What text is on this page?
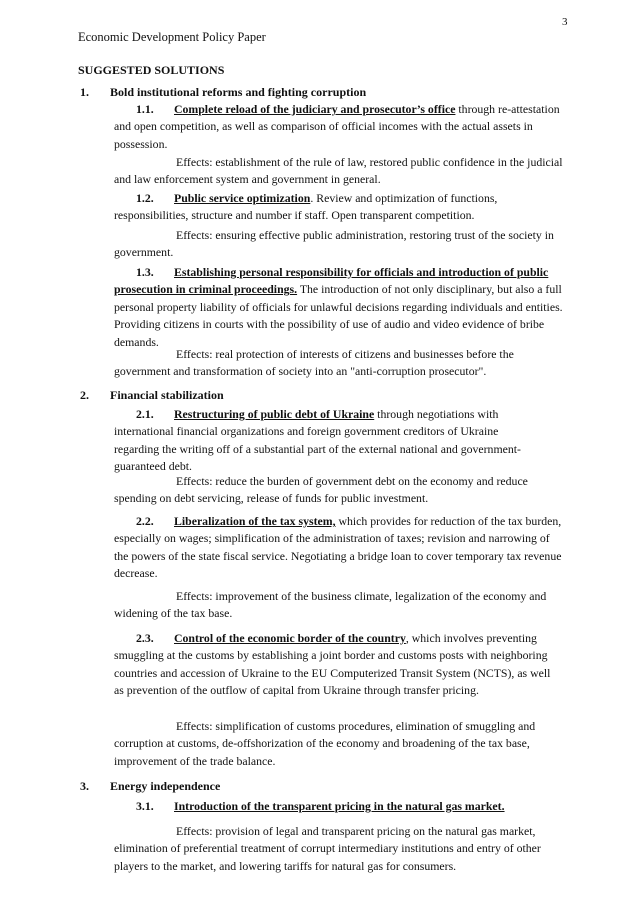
3
Economic Development Policy Paper
SUGGESTED SOLUTIONS
1. Bold institutional reforms and fighting corruption
1.1. Complete reload of the judiciary and prosecutor’s office through re-attestation and open competition, as well as comparison of official incomes with the actual assets in possession.
Effects: establishment of the rule of law, restored public confidence in the judicial and law enforcement system and government in general.
1.2. Public service optimization. Review and optimization of functions, responsibilities, structure and number if staff. Open transparent competition.
Effects: ensuring effective public administration, restoring trust of the society in government.
1.3. Establishing personal responsibility for officials and introduction of public prosecution in criminal proceedings. The introduction of not only disciplinary, but also a full personal property liability of officials for unlawful decisions regarding individuals and entities. Providing citizens in courts with the possibility of use of audio and video evidence of bribe demands.
Effects: real protection of interests of citizens and businesses before the government and transformation of society into an "anti-corruption prosecutor".
2. Financial stabilization
2.1. Restructuring of public debt of Ukraine through negotiations with international financial organizations and foreign government creditors of Ukraine regarding the writing off of a substantial part of the external national and government-guaranteed debt.
Effects: reduce the burden of government debt on the economy and reduce spending on debt servicing, release of funds for public investment.
2.2. Liberalization of the tax system, which provides for reduction of the tax burden, especially on wages; simplification of the administration of taxes; revision and narrowing of the powers of the state fiscal service. Negotiating a bridge loan to cover temporary tax revenue decrease.
Effects: improvement of the business climate, legalization of the economy and widening of the tax base.
2.3. Control of the economic border of the country, which involves preventing smuggling at the customs by establishing a joint border and customs posts with neighboring countries and accession of Ukraine to the EU Computerized Transit System (NCTS), as well as prevention of the outflow of capital from Ukraine through transfer pricing.
Effects: simplification of customs procedures, elimination of smuggling and corruption at customs, de-offshorization of the economy and broadening of the tax base, improvement of the trade balance.
3. Energy independence
3.1. Introduction of the transparent pricing in the natural gas market.
Effects: provision of legal and transparent pricing on the natural gas market, elimination of preferential treatment of corrupt intermediary institutions and entry of other players to the market, and lowering tariffs for natural gas for consumers.
